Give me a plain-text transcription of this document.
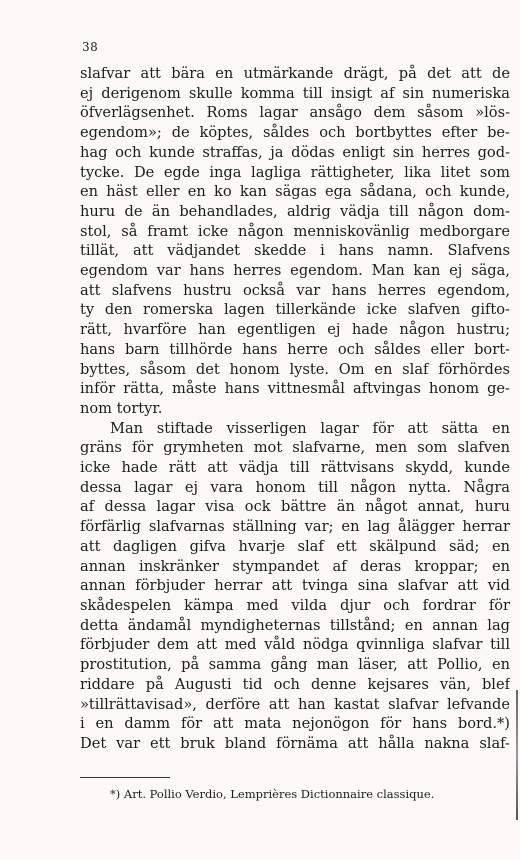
38
slafvar att bära en utmärkande drägt, på det att de
ej derigenom skulle komma till insigt af sin numeriska
öfverlägsenhet. Roms lagar ansågo dem såsom »lös-
egendom»; de köptes, såldes och bortbyttes efter be-
hag och kunde straffas, ja dödas enligt sin herres god-
tycke. De egde inga lagliga rättigheter, lika litet som
en häst eller en ko kan sägas ega sådana, och kunde,
huru de än behandlades, aldrig vädja till någon dom-
stol, så framt icke någon menniskovänlig medborgare
tillät, att vädjandet skedde i hans namn. Slafvens
egendom var hans herres egendom. Man kan ej säga,
att slafvens hustru också var hans herres egendom,
ty den romerska lagen tillerkände icke slafven gifto-
rätt, hvarföre han egentligen ej hade någon hustru;
hans barn tillhörde hans herre och såldes eller bort-
byttes, såsom det honom lyste. Om en slaf förhördes
inför rätta, måste hans vittnesmål aftvingas honom ge-
nom tortyr.
Man stiftade visserligen lagar för att sätta en
gräns för grymheten mot slafvarne, men som slafven
icke hade rätt att vädja till rättvisans skydd, kunde
dessa lagar ej vara honom till någon nytta. Några
af dessa lagar visa ock bättre än något annat, huru
förfärlig slafvarnas ställning var; en lag ålägger herrar
att dagligen gifva hvarje slaf ett skälpund säd; en
annan inskränker stympandet af deras kroppar; en
annan förbjuder herrar att tvinga sina slafvar att vid
skådespelen kämpa med vilda djur och fordrar för
detta ändamål myndigheternas tillstånd; en annan lag
förbjuder dem att med våld nödga qvinnliga slafvar till
prostitution, på samma gång man läser, att Pollio, en
riddare på Augusti tid och denne kejsares vän, blef
»tillrättavisad», derföre att han kastat slafvar lefvande
i en damm för att mata nejonögon för hans bord.*)
Det var ett bruk bland förnäma att hålla nakna slaf-
*) Art. Pollio Verdio, Lemprières Dictionnaire classique.
